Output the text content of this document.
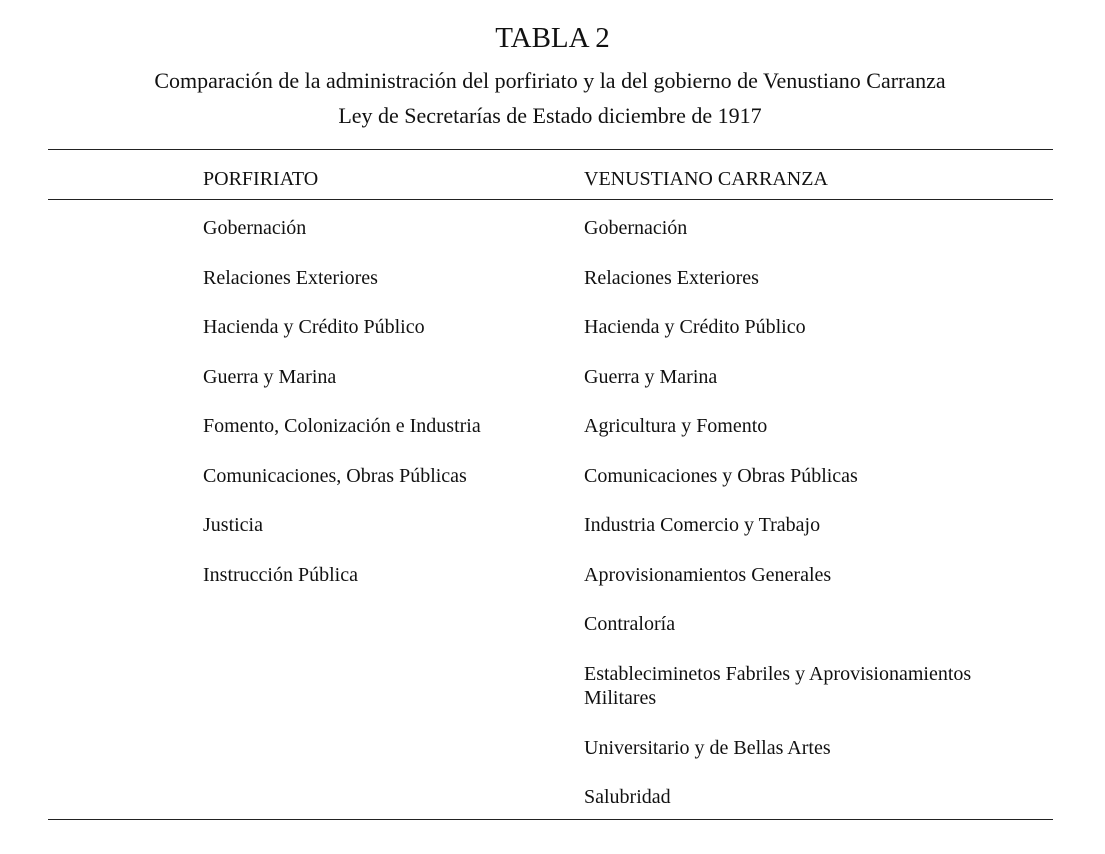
TABLA 2
Comparación de la administración del porfiriato y la del gobierno de Venustiano Carranza
Ley de Secretarías de Estado diciembre de 1917
PORFIRIATO	VENUSTIANO CARRANZA
Gobernación
Relaciones Exteriores
Hacienda y Crédito Público
Guerra y Marina
Fomento, Colonización e Industria
Comunicaciones, Obras Públicas
Justicia
Instrucción Pública
Gobernación
Relaciones Exteriores
Hacienda y Crédito Público
Guerra y Marina
Agricultura y Fomento
Comunicaciones y Obras Públicas
Industria Comercio y Trabajo
Aprovisionamientos Generales
Contraloría
Estableciminetos Fabriles y Aprovisionamientos Militares
Universitario y de Bellas Artes
Salubridad
